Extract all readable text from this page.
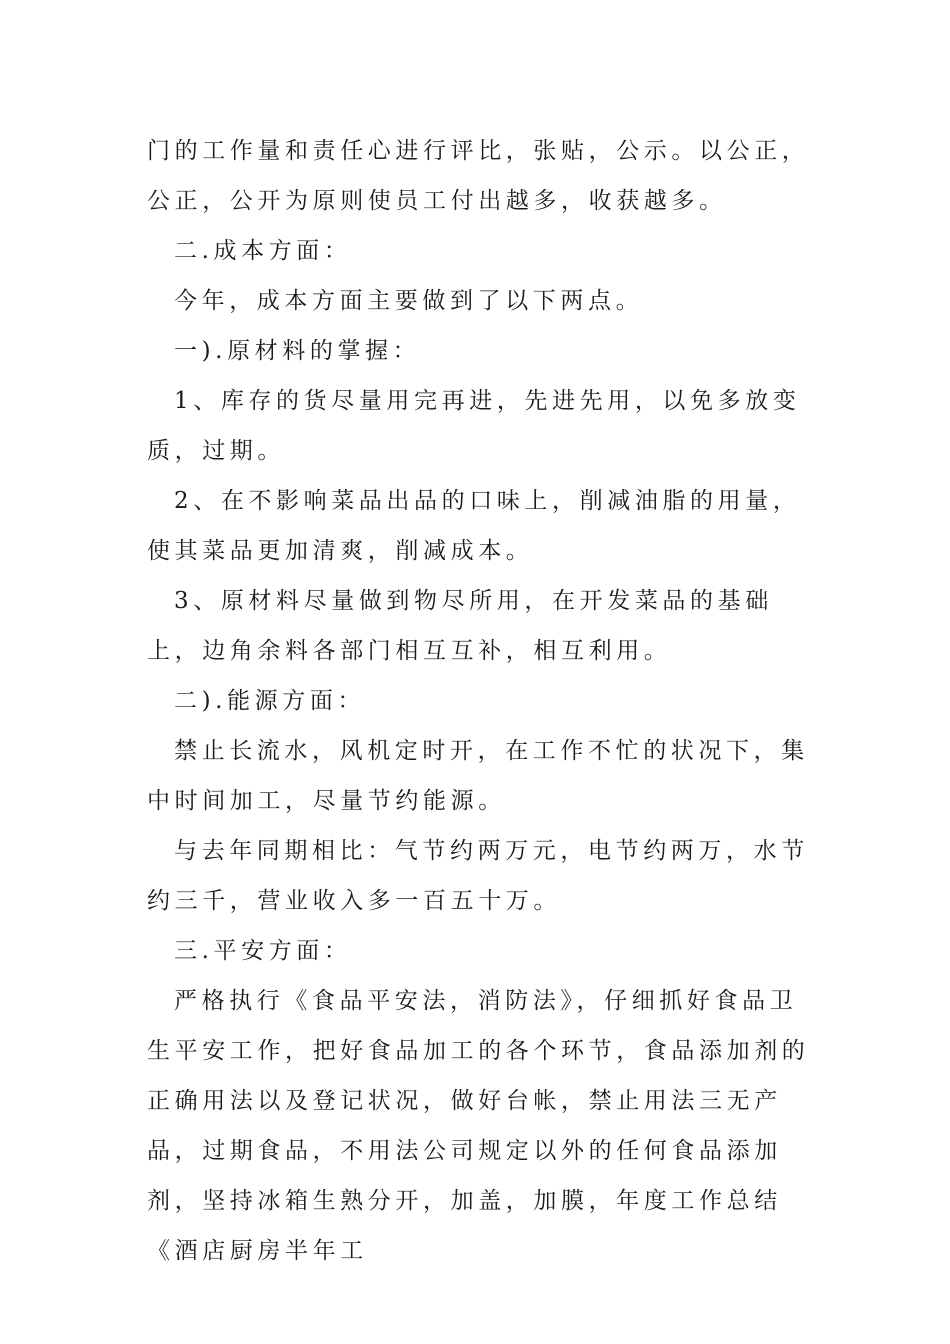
门的工作量和责任心进行评比，张贴，公示。以公正，公正，公开为原则使员工付出越多，收获越多。

二.成本方面：

今年，成本方面主要做到了以下两点。

一).原材料的掌握：

1、库存的货尽量用完再进，先进先用，以免多放变质，过期。

2、在不影响菜品出品的口味上，削减油脂的用量，使其菜品更加清爽，削减成本。

3、原材料尽量做到物尽所用，在开发菜品的基础上，边角余料各部门相互互补，相互利用。

二).能源方面：

禁止长流水，风机定时开，在工作不忙的状况下，集中时间加工，尽量节约能源。

与去年同期相比：气节约两万元，电节约两万，水节约三千，营业收入多一百五十万。

三.平安方面：

严格执行《食品平安法，消防法》，仔细抓好食品卫生平安工作，把好食品加工的各个环节，食品添加剂的正确用法以及登记状况，做好台帐，禁止用法三无产品，过期食品，不用法公司规定以外的任何食品添加剂，坚持冰箱生熟分开，加盖，加膜，年度工作总结《酒店厨房半年工
